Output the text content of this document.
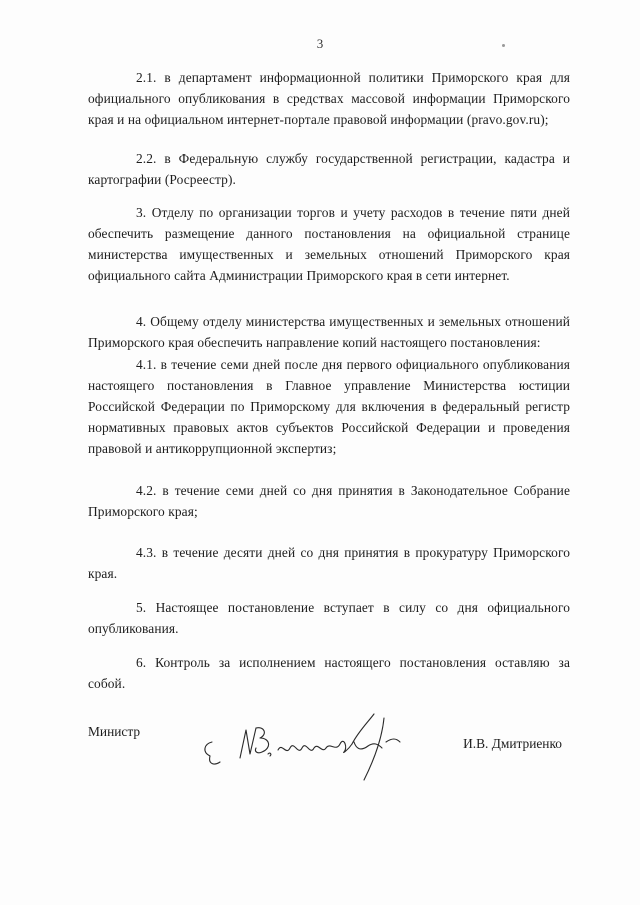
3

2.1. в департамент информационной политики Приморского края для официального опубликования в средствах массовой информации Приморского края и на официальном интернет-портале правовой информации (pravo.gov.ru);

2.2. в Федеральную службу государственной регистрации, кадастра и картографии (Росреестр).

3. Отделу по организации торгов и учету расходов в течение пяти дней обеспечить размещение данного постановления на официальной странице министерства имущественных и земельных отношений Приморского края официального сайта Администрации Приморского края в сети интернет.

4. Общему отделу министерства имущественных и земельных отношений Приморского края обеспечить направление копий настоящего постановления:

4.1. в течение семи дней после дня первого официального опубликования настоящего постановления в Главное управление Министерства юстиции Российской Федерации по Приморскому для включения в федеральный регистр нормативных правовых актов субъектов Российской Федерации и проведения правовой и антикоррупционной экспертиз;

4.2. в течение семи дней со дня принятия в Законодательное Собрание Приморского края;

4.3. в течение десяти дней со дня принятия в прокуратуру Приморского края.

5. Настоящее постановление вступает в силу со дня официального опубликования.

6. Контроль за исполнением настоящего постановления оставляю за собой.

Министр
И.В. Дмитриенко
